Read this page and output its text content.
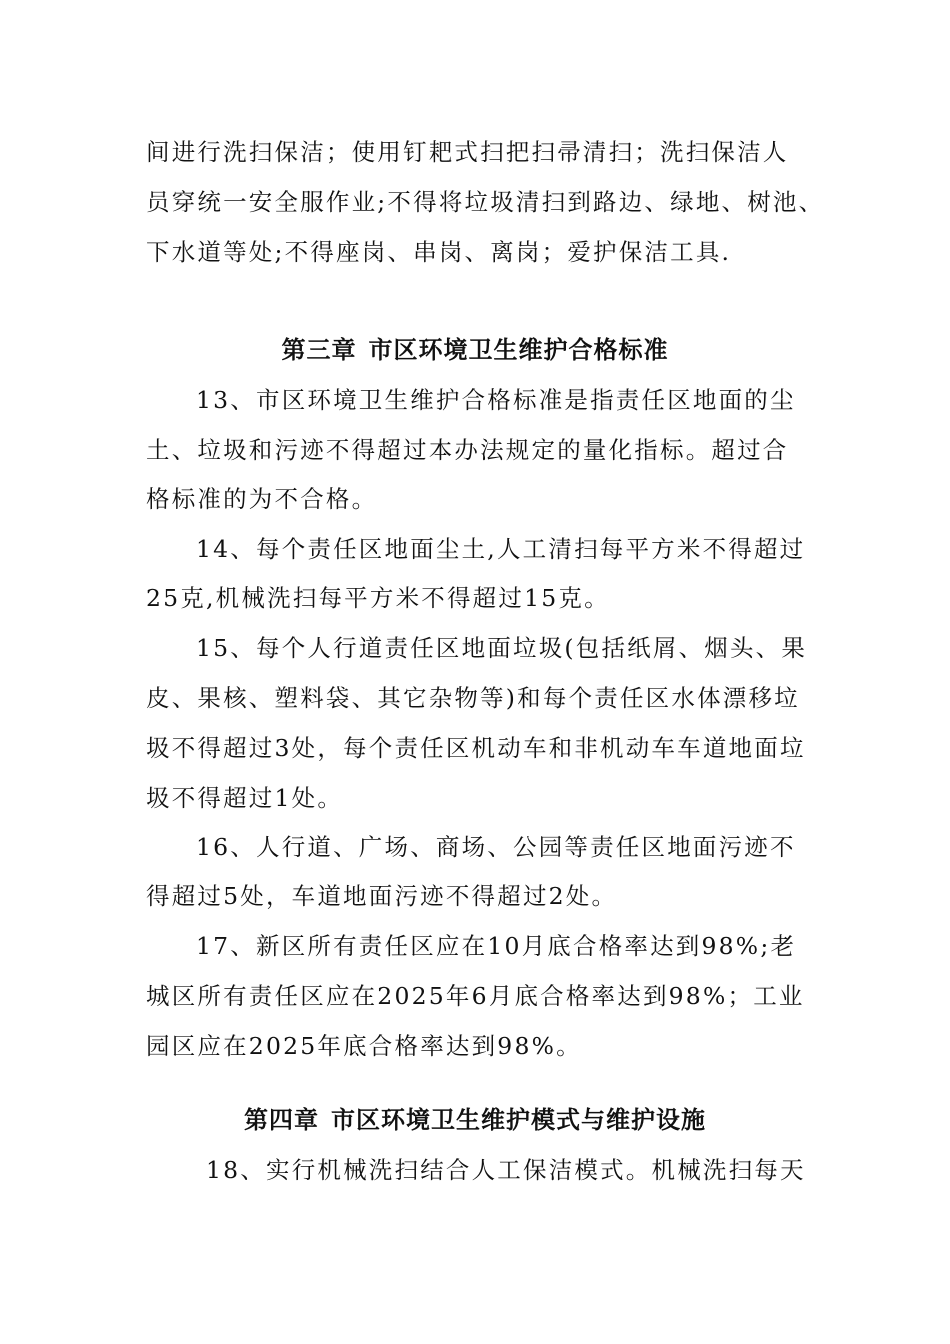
间进行洗扫保洁；使用钉耙式扫把扫帚清扫；洗扫保洁人
员穿统一安全服作业;不得将垃圾清扫到路边、绿地、树池、
下水道等处;不得座岗、串岗、离岗；爱护保洁工具.
第三章 市区环境卫生维护合格标准
13、市区环境卫生维护合格标准是指责任区地面的尘
土、垃圾和污迹不得超过本办法规定的量化指标。超过合
格标准的为不合格。
14、每个责任区地面尘土,人工清扫每平方米不得超过
25克,机械洗扫每平方米不得超过15克。
15、每个人行道责任区地面垃圾(包括纸屑、烟头、果
皮、果核、塑料袋、其它杂物等)和每个责任区水体漂移垃
圾不得超过3处，每个责任区机动车和非机动车车道地面垃
圾不得超过1处。
16、人行道、广场、商场、公园等责任区地面污迹不
得超过5处，车道地面污迹不得超过2处。
17、新区所有责任区应在10月底合格率达到98%;老
城区所有责任区应在2025年6月底合格率达到98%；工业
园区应在2025年底合格率达到98%。
第四章 市区环境卫生维护模式与维护设施
18、实行机械洗扫结合人工保洁模式。机械洗扫每天
